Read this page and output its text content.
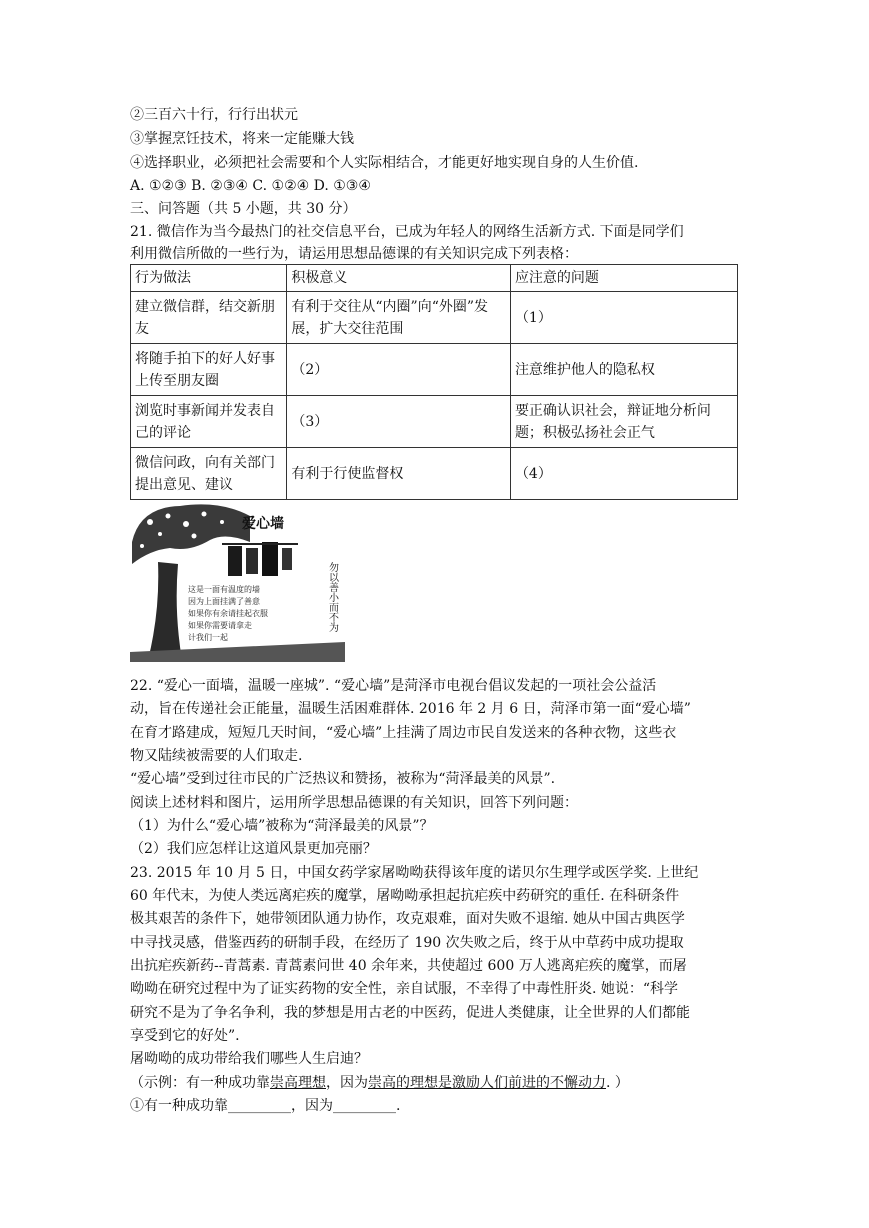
②三百六十行，行行出状元
③掌握烹饪技术，将来一定能赚大钱
④选择职业，必须把社会需要和个人实际相结合，才能更好地实现自身的人生价值.
A. ①②③ B. ②③④ C. ①②④ D. ①③④
三、问答题（共 5 小题，共 30 分）
21. 微信作为当今最热门的社交信息平台，已成为年轻人的网络生活新方式. 下面是同学们
利用微信所做的一些行为，请运用思想品德课的有关知识完成下列表格：
行为做法	积极意义	应注意的问题
建立微信群，结交新朋友	有利于交往从“内圈”向“外圈”发展，扩大交往范围	（1）
将随手拍下的好人好事上传至朋友圈	（2）	注意维护他人的隐私权
浏览时事新闻并发表自己的评论	（3）	要正确认识社会，辩证地分析问题；积极弘扬社会正气
微信问政，向有关部门提出意见、建议	有利于行使监督权	（4）
爱心墙
勿以善小而不为
这是一面有温度的墙
因为上面挂满了善意
如果你有余请挂起衣服
如果你需要请拿走
计我们一起
22. “爱心一面墙，温暖一座城”. “爱心墙”是菏泽市电视台倡议发起的一项社会公益活
动，旨在传递社会正能量，温暖生活困难群体. 2016 年 2 月 6 日，菏泽市第一面“爱心墙”
在育才路建成，短短几天时间，“爱心墙”上挂满了周边市民自发送来的各种衣物，这些衣
物又陆续被需要的人们取走.
“爱心墙”受到过往市民的广泛热议和赞扬，被称为“菏泽最美的风景”.
阅读上述材料和图片，运用所学思想品德课的有关知识，回答下列问题：
（1）为什么“爱心墙”被称为“菏泽最美的风景”？
（2）我们应怎样让这道风景更加亮丽？
23. 2015 年 10 月 5 日，中国女药学家屠呦呦获得该年度的诺贝尔生理学或医学奖. 上世纪
60 年代末，为使人类远离疟疾的魔掌，屠呦呦承担起抗疟疾中药研究的重任. 在科研条件
极其艰苦的条件下，她带领团队通力协作，攻克艰难，面对失败不退缩. 她从中国古典医学
中寻找灵感，借鉴西药的研制手段，在经历了 190 次失败之后，终于从中草药中成功提取
出抗疟疾新药--青蒿素. 青蒿素问世 40 余年来，共使超过 600 万人逃离疟疾的魔掌，而屠
呦呦在研究过程中为了证实药物的安全性，亲自试服，不幸得了中毒性肝炎. 她说：“科学
研究不是为了争名争利，我的梦想是用古老的中医药，促进人类健康，让全世界的人们都能
享受到它的好处”.
屠呦呦的成功带给我们哪些人生启迪？
（示例：有一种成功靠崇高理想，因为崇高的理想是激励人们前进的不懈动力. ）
①有一种成功靠_________，因为_________.
